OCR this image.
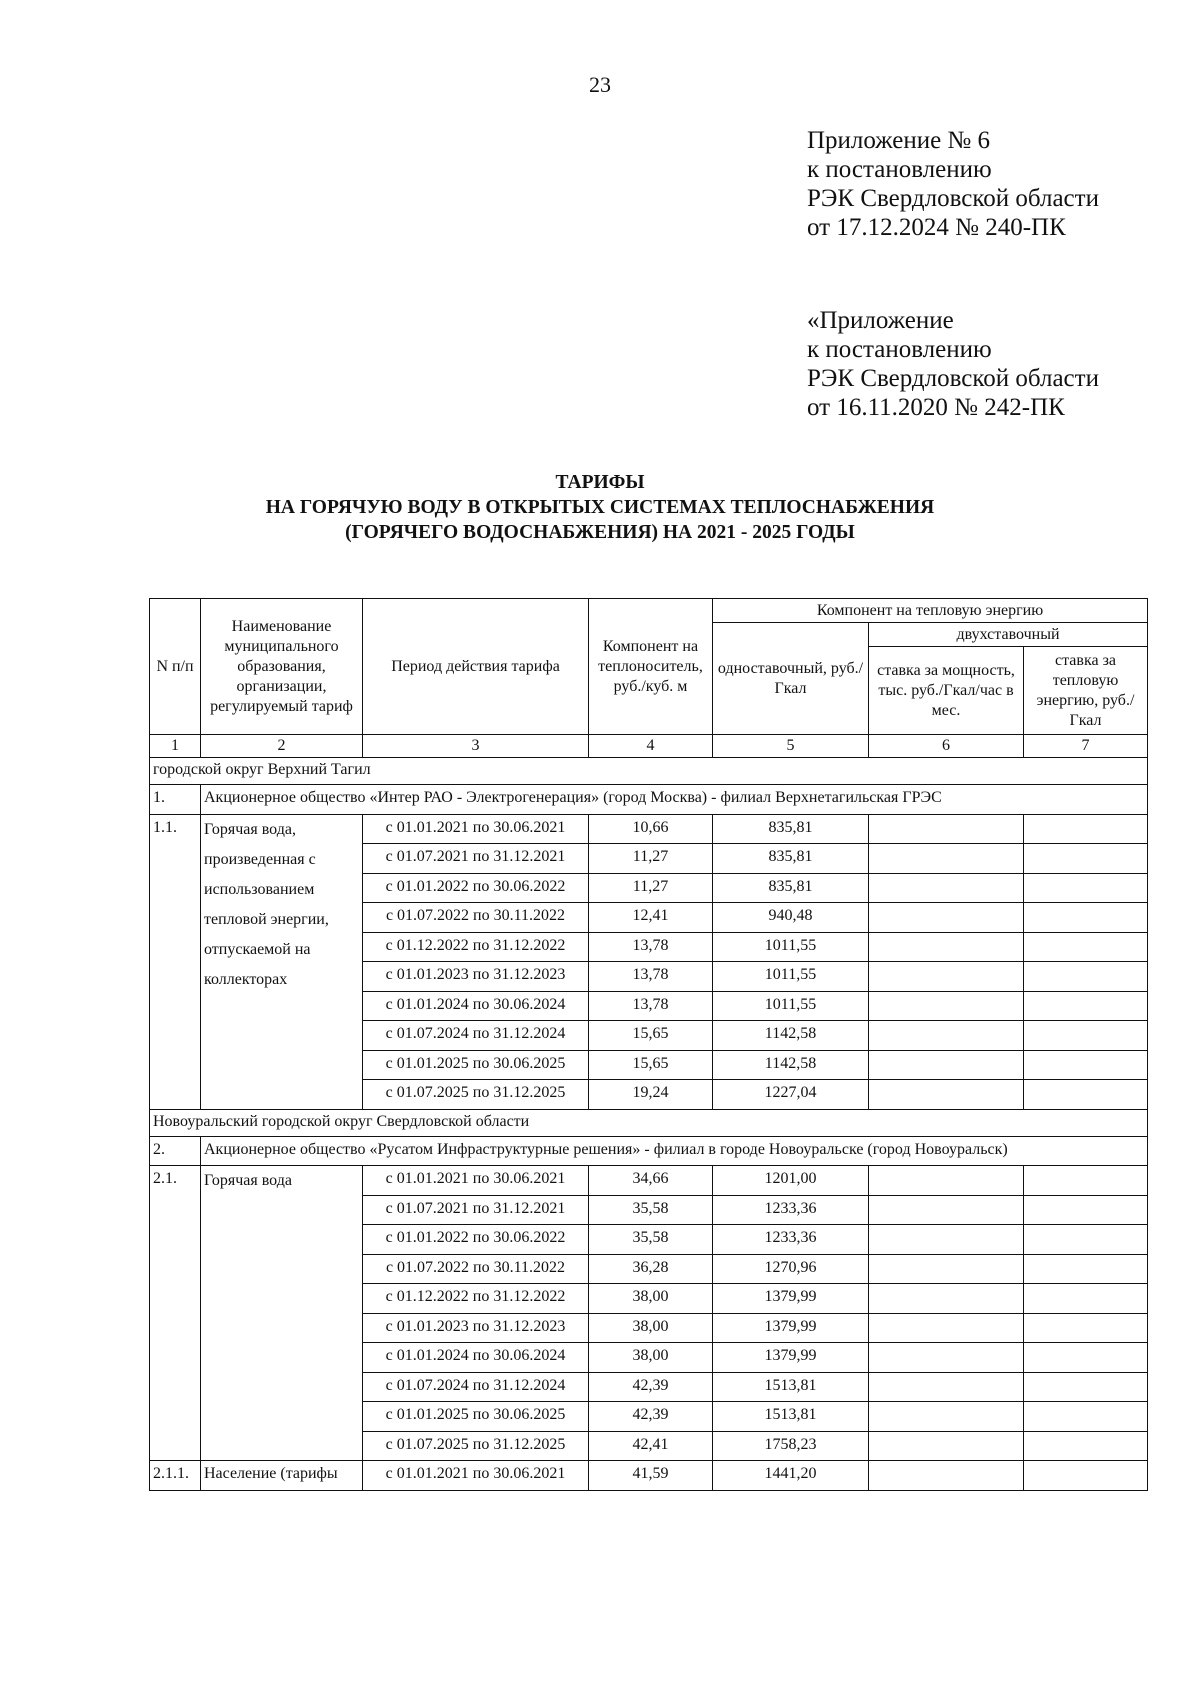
23
Приложение № 6
к постановлению
РЭК Свердловской области
от 17.12.2024 № 240-ПК
«Приложение
к постановлению
РЭК Свердловской области
от 16.11.2020 № 242-ПК
ТАРИФЫ
НА ГОРЯЧУЮ ВОДУ В ОТКРЫТЫХ СИСТЕМАХ ТЕПЛОСНАБЖЕНИЯ
(ГОРЯЧЕГО ВОДОСНАБЖЕНИЯ) НА 2021 - 2025 ГОДЫ
N п/п	Наименование муниципального образования, организации, регулируемый тариф	Период действия тарифа	Компонент на теплоноситель, руб./куб. м	Компонент на тепловую энергию		
				одноставочный, руб./Гкал	двухставочный	
					ставка за мощность, тыс. руб./Гкал/час в мес.	ставка за тепловую энергию, руб./Гкал
1	2	3	4	5	6	7
городской округ Верхний Тагил						
1.	Акционерное общество «Интер РАО - Электрогенерация» (город Москва) - филиал Верхнетагильская ГРЭС					
1.1.	Горячая вода, произведенная с использованием тепловой энергии, отпускаемой на коллекторах	с 01.01.2021 по 30.06.2021	10,66	835,81		
		с 01.07.2021 по 31.12.2021	11,27	835,81		
		с 01.01.2022 по 30.06.2022	11,27	835,81		
		с 01.07.2022 по 30.11.2022	12,41	940,48		
		с 01.12.2022 по 31.12.2022	13,78	1011,55		
		с 01.01.2023 по 31.12.2023	13,78	1011,55		
		с 01.01.2024 по 30.06.2024	13,78	1011,55		
		с 01.07.2024 по 31.12.2024	15,65	1142,58		
		с 01.01.2025 по 30.06.2025	15,65	1142,58		
		с 01.07.2025 по 31.12.2025	19,24	1227,04		
Новоуральский городской округ Свердловской области						
2.	Акционерное общество «Русатом Инфраструктурные решения» - филиал в городе Новоуральске (город Новоуральск)					
2.1.	Горячая вода	с 01.01.2021 по 30.06.2021	34,66	1201,00		
		с 01.07.2021 по 31.12.2021	35,58	1233,36		
		с 01.01.2022 по 30.06.2022	35,58	1233,36		
		с 01.07.2022 по 30.11.2022	36,28	1270,96		
		с 01.12.2022 по 31.12.2022	38,00	1379,99		
		с 01.01.2023 по 31.12.2023	38,00	1379,99		
		с 01.01.2024 по 30.06.2024	38,00	1379,99		
		с 01.07.2024 по 31.12.2024	42,39	1513,81		
		с 01.01.2025 по 30.06.2025	42,39	1513,81		
		с 01.07.2025 по 31.12.2025	42,41	1758,23		
2.1.1.	Население (тарифы	с 01.01.2021 по 30.06.2021	41,59	1441,20		
